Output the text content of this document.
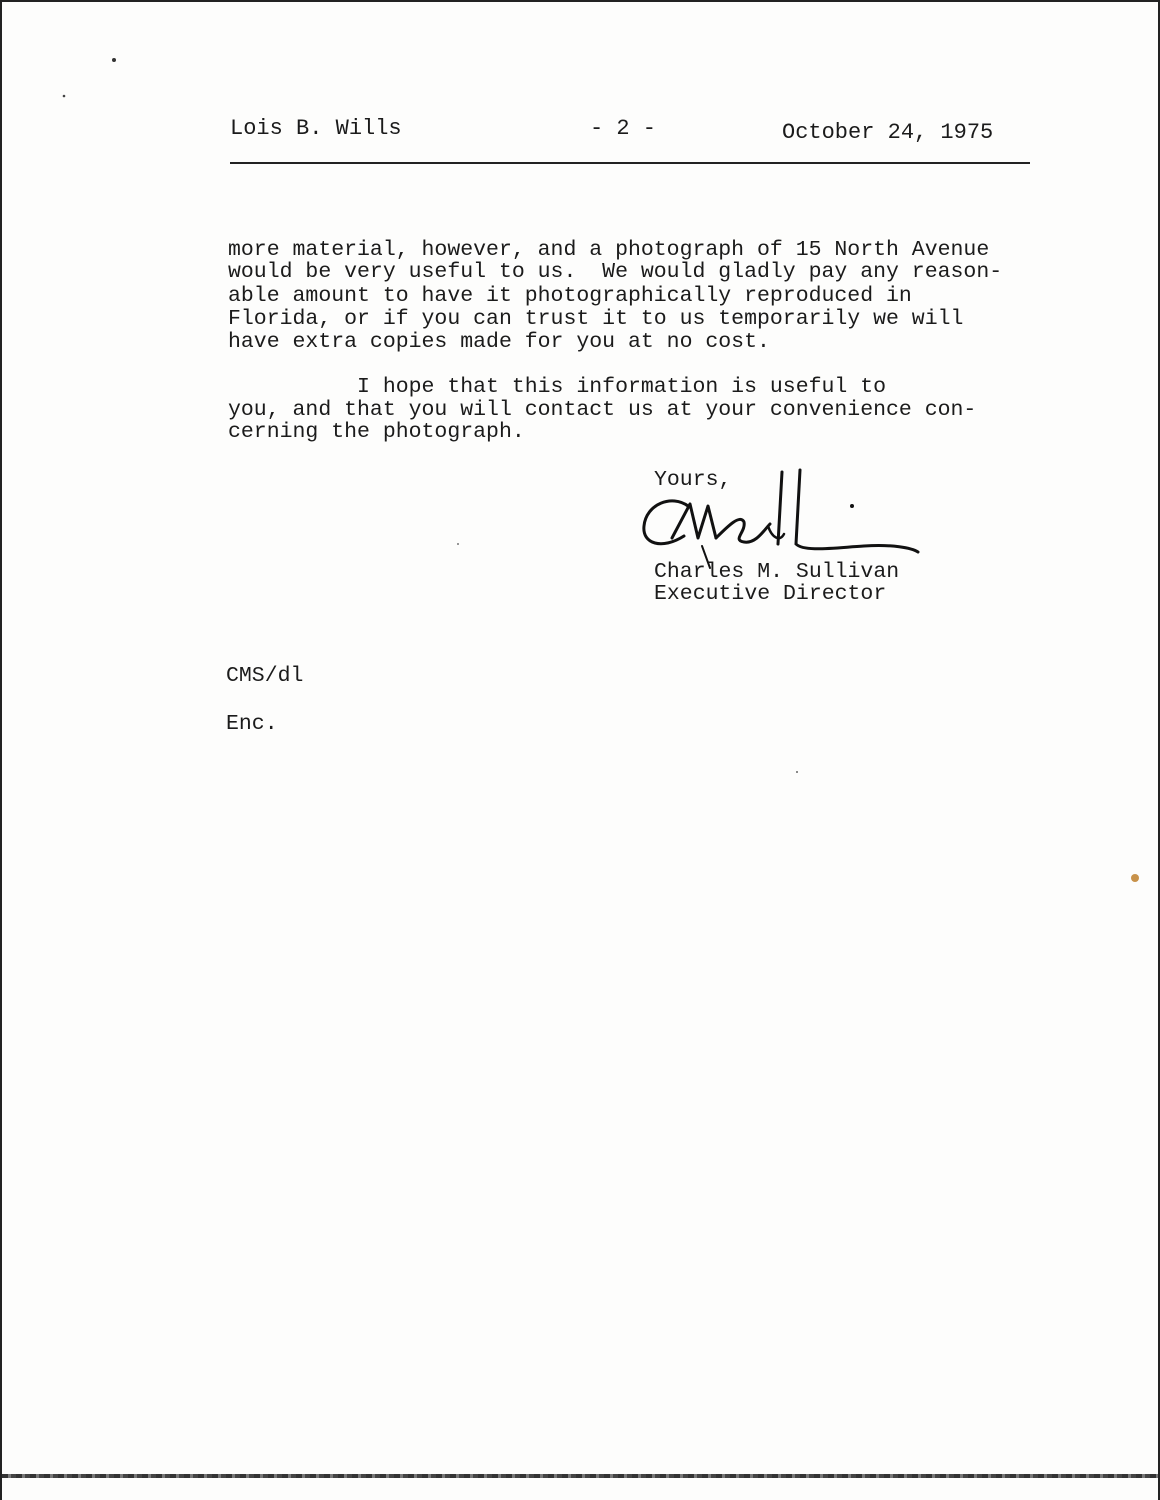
Lois B. Wills	- 2 -	October 24, 1975
more material, however, and a photograph of 15 North Avenue
would be very useful to us.  We would gladly pay any reason-
able amount to have it photographically reproduced in
Florida, or if you can trust it to us temporarily we will
have extra copies made for you at no cost.
I hope that this information is useful to
you, and that you will contact us at your convenience con-
cerning the photograph.
Yours,
Charles M. Sullivan
Executive Director
CMS/dl
Enc.
